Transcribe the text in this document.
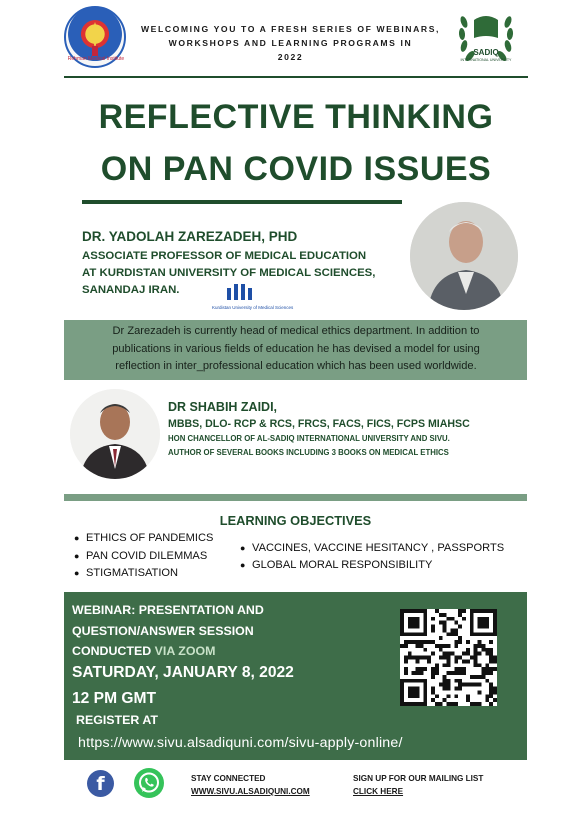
Rehman Medical Institute
WELCOMING YOU TO A FRESH SERIES OF WEBINARS,
WORKSHOPS AND LEARNING PROGRAMS IN
2022	SADIQ
INTERNATIONAL UNIVERSITY
REFLECTIVE THINKING
ON PAN COVID ISSUES
DR. YADOLAH ZAREZADEH, PHD
ASSOCIATE PROFESSOR OF MEDICAL EDUCATION
AT KURDISTAN UNIVERSITY OF MEDICAL SCIENCES,
SANANDAJ IRAN.
Kurdistan University of Medical Sciences
Dr Zarezadeh is currently head of medical ethics department. In addition to
publications in various fields of education he has devised a model for using
reflection in inter_professional education which has been used worldwide.
DR SHABIH ZAIDI,
MBBS, DLO- RCP & RCS, FRCS, FACS, FICS, FCPS MIAHSC
HON CHANCELLOR OF AL-SADIQ INTERNATIONAL UNIVERSITY AND SIVU.
AUTHOR OF SEVERAL BOOKS INCLUDING 3 BOOKS ON MEDICAL ETHICS
LEARNING OBJECTIVES
● ETHICS OF PANDEMICS
● PAN COVID DILEMMAS
● STIGMATISATION
● VACCINES, VACCINE HESITANCY , PASSPORTS
● GLOBAL MORAL RESPONSIBILITY
WEBINAR: PRESENTATION AND
QUESTION/ANSWER SESSION
CONDUCTED VIA ZOOM
SATURDAY, JANUARY 8, 2022
12 PM GMT
REGISTER AT
https://www.sivu.alsadiquni.com/sivu-apply-online/
f	STAY CONNECTED
WWW.SIVU.ALSADIQUNI.COM
SIGN UP FOR OUR MAILING LIST
CLICK HERE
